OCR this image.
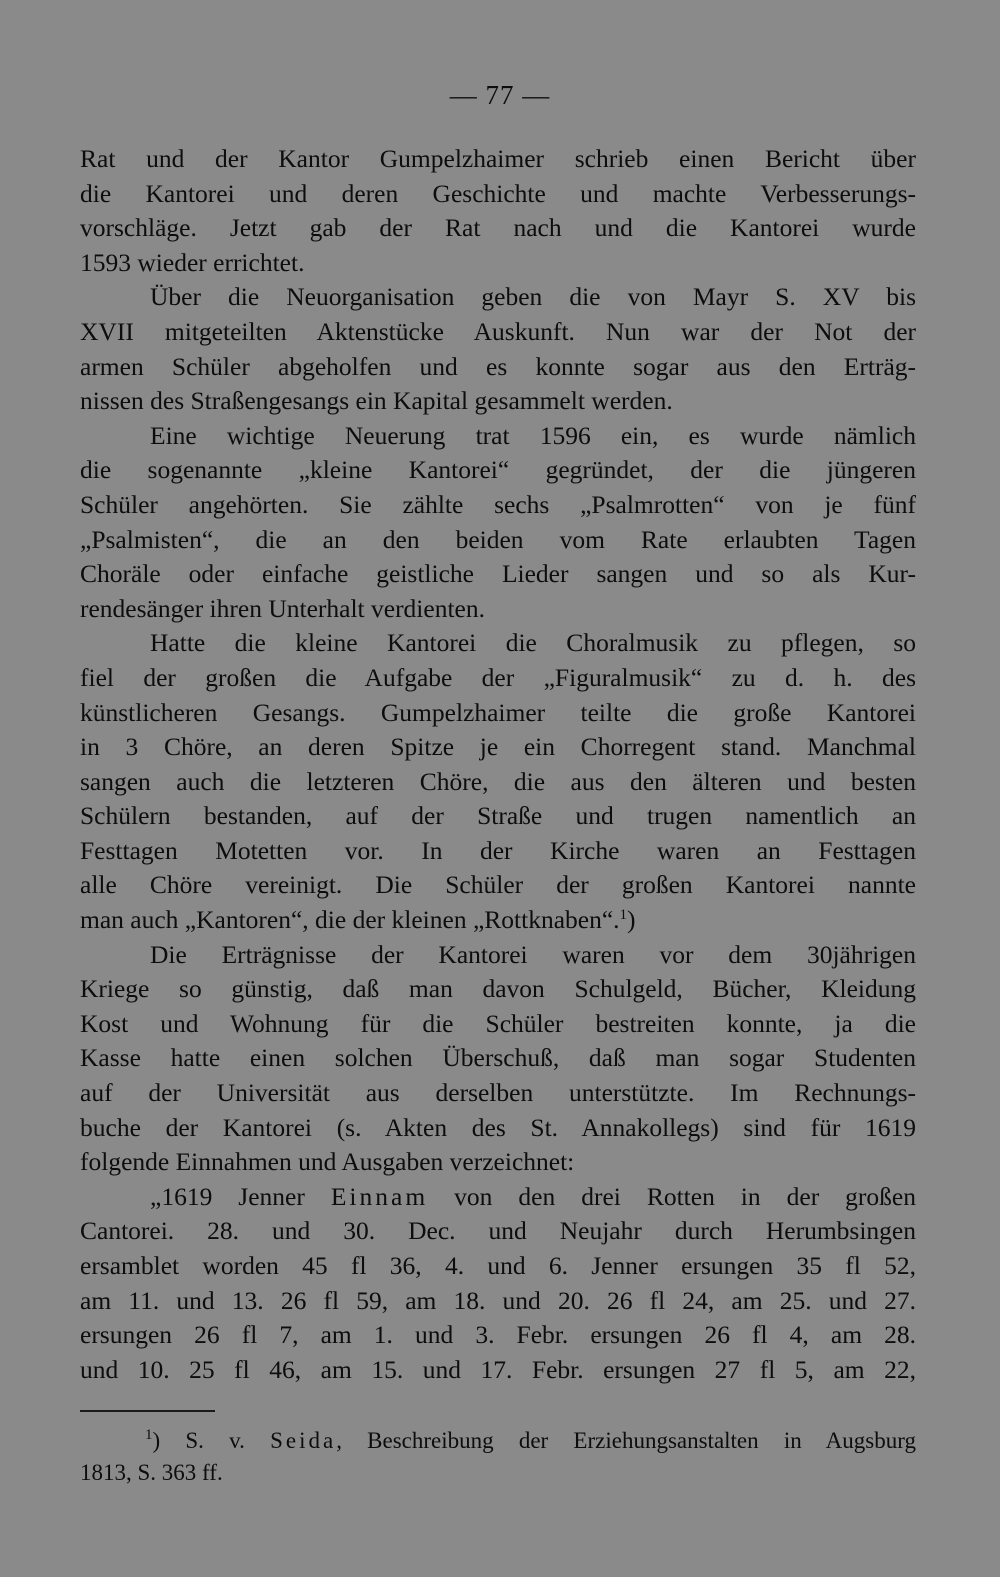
— 77 —
Rat und der Kantor Gumpelzhaimer schrieb einen Bericht über
die Kantorei und deren Geschichte und machte Verbesserungs-
vorschläge. Jetzt gab der Rat nach und die Kantorei wurde
1593 wieder errichtet.
Über die Neuorganisation geben die von Mayr S. XV bis
XVII mitgeteilten Aktenstücke Auskunft. Nun war der Not der
armen Schüler abgeholfen und es konnte sogar aus den Erträg-
nissen des Straßengesangs ein Kapital gesammelt werden.
Eine wichtige Neuerung trat 1596 ein, es wurde nämlich
die sogenannte „kleine Kantorei“ gegründet, der die jüngeren
Schüler angehörten. Sie zählte sechs „Psalmrotten“ von je fünf
„Psalmisten“, die an den beiden vom Rate erlaubten Tagen
Choräle oder einfache geistliche Lieder sangen und so als Kur-
rendesänger ihren Unterhalt verdienten.
Hatte die kleine Kantorei die Choralmusik zu pflegen, so
fiel der großen die Aufgabe der „Figuralmusik“ zu d. h. des
künstlicheren Gesangs. Gumpelzhaimer teilte die große Kantorei
in 3 Chöre, an deren Spitze je ein Chorregent stand. Manchmal
sangen auch die letzteren Chöre, die aus den älteren und besten
Schülern bestanden, auf der Straße und trugen namentlich an
Festtagen Motetten vor. In der Kirche waren an Festtagen
alle Chöre vereinigt. Die Schüler der großen Kantorei nannte
man auch „Kantoren“, die der kleinen „Rottknaben“.$^1$)
Die Erträgnisse der Kantorei waren vor dem 30jährigen
Kriege so günstig, daß man davon Schulgeld, Bücher, Kleidung
Kost und Wohnung für die Schüler bestreiten konnte, ja die
Kasse hatte einen solchen Überschuß, daß man sogar Studenten
auf der Universität aus derselben unterstützte. Im Rechnungs-
buche der Kantorei (s. Akten des St. Annakollegs) sind für 1619
folgende Einnahmen und Ausgaben verzeichnet:
„1619 Jenner Einnam von den drei Rotten in der großen
Cantorei. 28. und 30. Dec. und Neujahr durch Herumbsingen
ersamblet worden 45 fl 36, 4. und 6. Jenner ersungen 35 fl 52,
am 11. und 13. 26 fl 59, am 18. und 20. 26 fl 24, am 25. und 27.
ersungen 26 fl 7, am 1. und 3. Febr. ersungen 26 fl 4, am 28.
und 10. 25 fl 46, am 15. und 17. Febr. ersungen 27 fl 5, am 22,
$^1$) S. v. Seida, Beschreibung der Erziehungsanstalten in Augsburg
1813, S. 363 ff.
